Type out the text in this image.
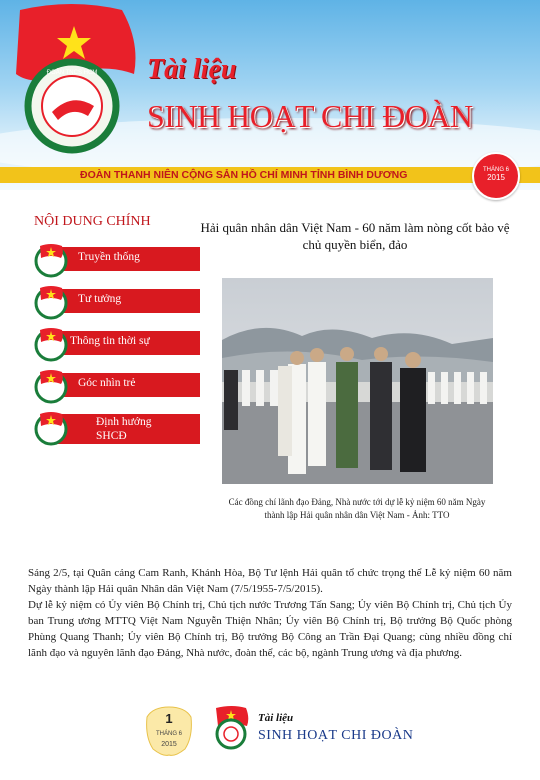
ĐOÀN TNCS HCM Tài liệu
SINH HOẠT CHI ĐOÀN
ĐOÀN THANH NIÊN CỘNG SẢN HỒ CHÍ MINH TỈNH BÌNH DƯƠNG	THÁNG 6
2015
NỘI DUNG CHÍNH
Truyền thống
Tư tưởng
Thông tin thời sự
Góc nhìn trẻ
Định hướng SHCĐ
Hải quân nhân dân Việt Nam - 60 năm làm nòng cốt bảo vệ chủ quyền biển, đảo
Các đồng chí lãnh đạo Đảng, Nhà nước tới dự lễ kỷ niệm 60 năm Ngày thành lập Hải quân nhân dân Việt Nam - Ảnh: TTO

Sáng 2/5, tại Quân cảng Cam Ranh, Khánh Hòa, Bộ Tư lệnh Hải quân tổ chức trọng thể Lễ kỷ niệm 60 năm Ngày thành lập Hải quân Nhân dân Việt Nam (7/5/1955-7/5/2015).

Dự lễ kỷ niệm có Ủy viên Bộ Chính trị, Chủ tịch nước Trương Tấn Sang; Ủy viên Bộ Chính trị, Chủ tịch Ủy ban Trung ương MTTQ Việt Nam Nguyễn Thiện Nhân; Ủy viên Bộ Chính trị, Bộ trưởng Bộ Quốc phòng Phùng Quang Thanh; Ủy viên Bộ Chính trị, Bộ trưởng Bộ Công an Trần Đại Quang; cùng nhiều đồng chí lãnh đạo và nguyên lãnh đạo Đảng, Nhà nước, đoàn thể, các bộ, ngành Trung ương và địa phương.

1
THÁNG 6
2015
Tài liệu
SINH HOẠT CHI ĐOÀN
